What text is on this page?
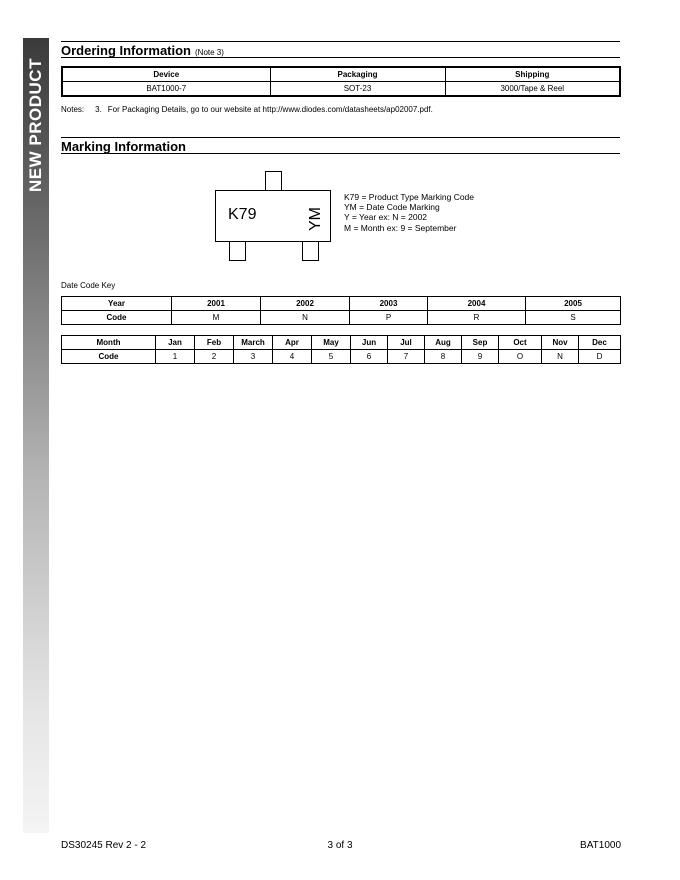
NEW PRODUCT
Ordering Information (Note 3)
Device	Packaging	Shipping
BAT1000-7	SOT-23	3000/Tape & Reel
Notes: 3. For Packaging Details, go to our website at http://www.diodes.com/datasheets/ap02007.pdf.
Marking Information
K79	YM
K79 = Product Type Marking Code
YM = Date Code Marking
Y = Year ex: N = 2002
M = Month ex: 9 = September
Date Code Key
Year	2001	2002	2003	2004	2005
Code	M	N	P	R	S
Month	Jan	Feb	March	Apr	May	Jun	Jul	Aug	Sep	Oct	Nov	Dec
Code	1	2	3	4	5	6	7	8	9	O	N	D
DS30245 Rev 2 - 2	3 of 3	BAT1000
